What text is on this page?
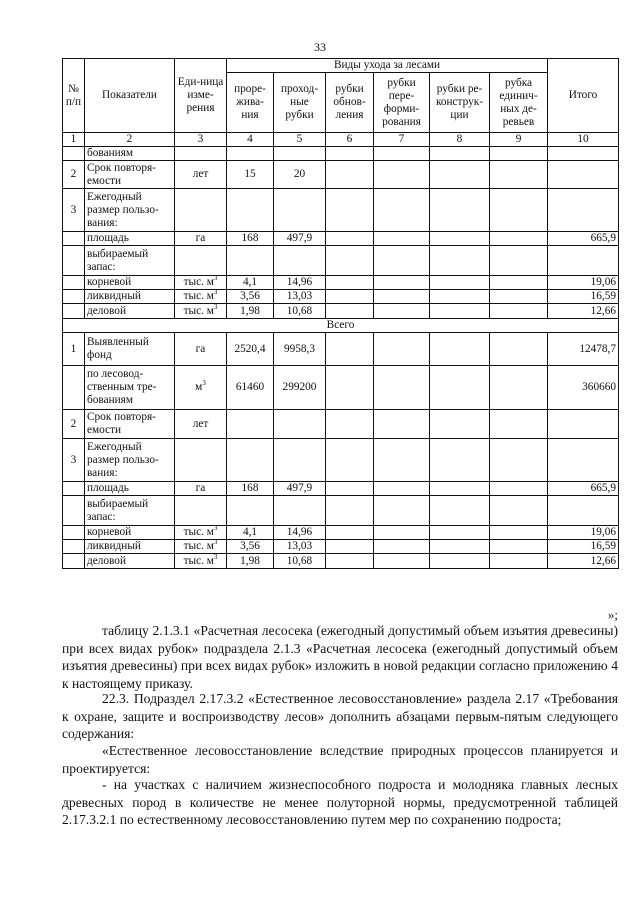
33
№ п/п	Показатели	Еди-ница изме-рения	Виды ухода за лесами						Итого
			проре-жива-ния	проход-ные рубки	рубки обнов-ления	рубки пере-форми-рования	рубки ре-конструк-ции	рубка единич-ных де-ревьев	
1	2	3	4	5	6	7	8	9	10
	бованиям								
2	Срок повторя-емости	лет	15	20					
3	Ежегодный размер пользо-вания:								
	площадь	га	168	497,9					665,9
	выбираемый запас:								
	корневой	тыс. $м^3$	4,1	14,96					19,06
	ликвидный	тыс. $м^3$	3,56	13,03					16,59
	деловой	тыс. $м^3$	1,98	10,68					12,66
Всего									
1	Выявленный фонд	га	2520,4	9958,3					12478,7
	по лесовод-ственным тре-бованиям	$м^3$	61460	299200					360660
2	Срок повторя-емости	лет							
3	Ежегодный размер пользо-вания:								
	площадь	га	168	497,9					665,9
	выбираемый запас:								
	корневой	тыс. $м^3$	4,1	14,96					19,06
	ликвидный	тыс. $м^3$	3,56	13,03					16,59
	деловой	тыс. $м^3$	1,98	10,68					12,66
»;

таблицу 2.1.3.1 «Расчетная лесосека (ежегодный допустимый объем изъятия древесины) при всех видах рубок» подраздела 2.1.3 «Расчетная лесосека (ежегодный допустимый объем изъятия древесины) при всех видах рубок» изложить в новой редакции согласно приложению 4 к настоящему приказу.

22.3. Подраздел 2.17.3.2 «Естественное лесовосстановление» раздела 2.17 «Требования к охране, защите и воспроизводству лесов» дополнить абзацами первым-пятым следующего содержания:

«Естественное лесовосстановление вследствие природных процессов планируется и проектируется:

- на участках с наличием жизнеспособного подроста и молодняка главных лесных древесных пород в количестве не менее полуторной нормы, предусмотренной таблицей 2.17.3.2.1 по естественному лесовосстановлению путем мер по сохранению подроста;
